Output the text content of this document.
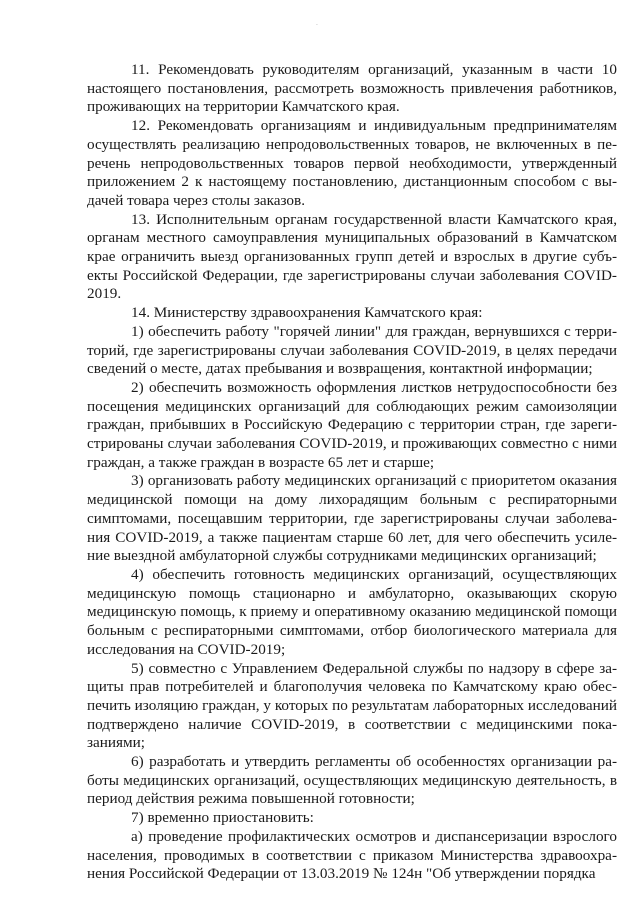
·

11. Рекомендовать руководителям организаций, указанным в части 10 настоящего постановления, рассмотреть возможность привлечения работников, проживающих на территории Камчатского края.

12. Рекомендовать организациям и индивидуальным предпринимателям осуществлять реализацию непродовольственных товаров, не включенных в перечень непродовольственных товаров первой необходимости, утвержденный приложением 2 к настоящему постановлению, дистанционным способом с выдачей товара через столы заказов.

13. Исполнительным органам государственной власти Камчатского края, органам местного самоуправления муниципальных образований в Камчатском крае ограничить выезд организованных групп детей и взрослых в другие субъекты Российской Федерации, где зарегистрированы случаи заболевания COVID-2019.

14. Министерству здравоохранения Камчатского края:

1) обеспечить работу "горячей линии" для граждан, вернувшихся с территорий, где зарегистрированы случаи заболевания COVID-2019, в целях передачи сведений о месте, датах пребывания и возвращения, контактной информации;

2) обеспечить возможность оформления листков нетрудоспособности без посещения медицинских организаций для соблюдающих режим самоизоляции граждан, прибывших в Российскую Федерацию с территории стран, где зарегистрированы случаи заболевания COVID-2019, и проживающих совместно с ними граждан, а также граждан в возрасте 65 лет и старше;

3) организовать работу медицинских организаций с приоритетом оказания медицинской помощи на дому лихорадящим больным с респираторными симптомами, посещавшим территории, где зарегистрированы случаи заболевания COVID-2019, а также пациентам старше 60 лет, для чего обеспечить усиление выездной амбулаторной службы сотрудниками медицинских организаций;

4) обеспечить готовность медицинских организаций, осуществляющих медицинскую помощь стационарно и амбулаторно, оказывающих скорую медицинскую помощь, к приему и оперативному оказанию медицинской помощи больным с респираторными симптомами, отбор биологического материала для исследования на COVID-2019;

5) совместно с Управлением Федеральной службы по надзору в сфере защиты прав потребителей и благополучия человека по Камчатскому краю обеспечить изоляцию граждан, у которых по результатам лабораторных исследований подтверждено наличие COVID-2019, в соответствии с медицинскими показаниями;

6) разработать и утвердить регламенты об особенностях организации работы медицинских организаций, осуществляющих медицинскую деятельность, в период действия режима повышенной готовности;

7) временно приостановить:

а) проведение профилактических осмотров и диспансеризации взрослого населения, проводимых в соответствии с приказом Министерства здравоохранения Российской Федерации от 13.03.2019 № 124н "Об утверждении порядка
